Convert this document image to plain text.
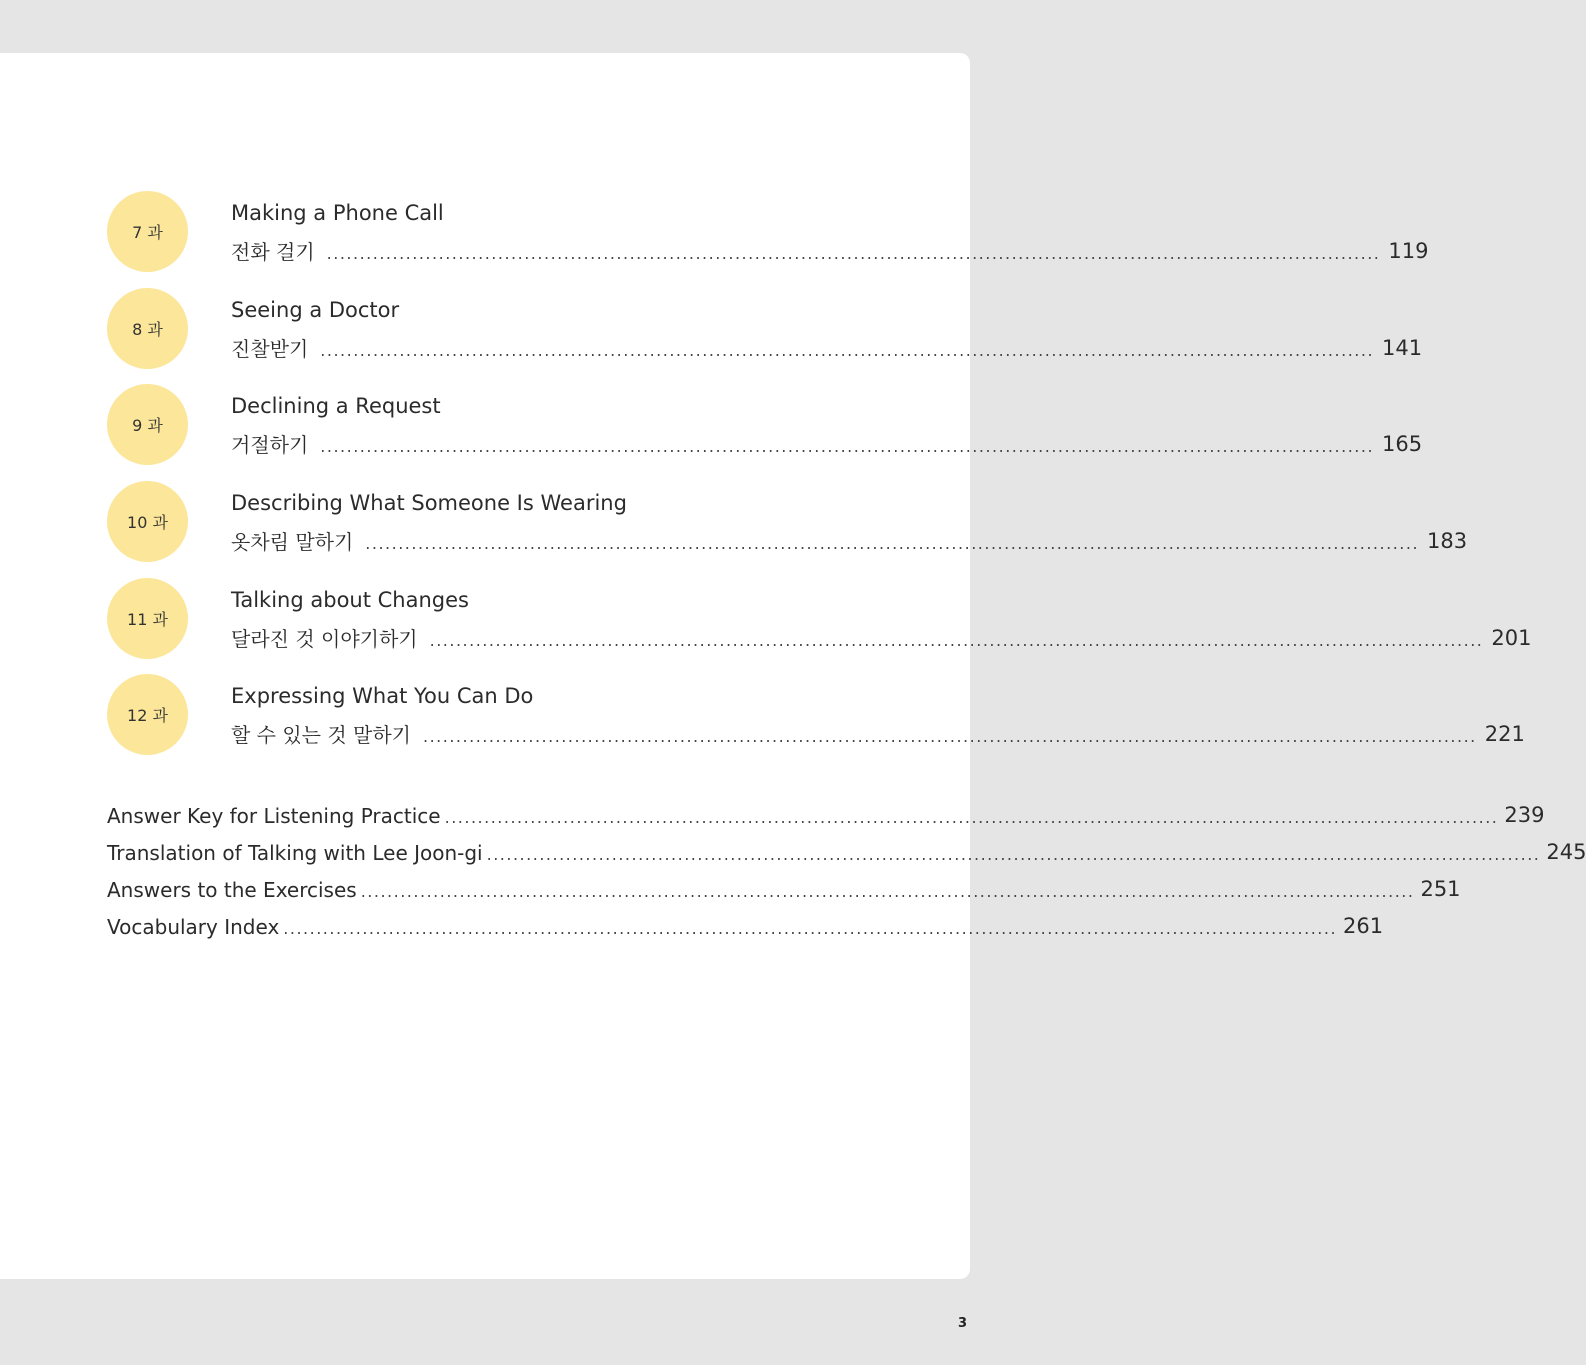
7 과
Making a Phone Call
전화 걸기 ................................................................................................................................................................ 119
8 과
Seeing a Doctor
진찰받기 ................................................................................................................................................................ 141
9 과
Declining a Request
거절하기 ................................................................................................................................................................ 165
10 과
Describing What Someone Is Wearing
옷차림 말하기 ................................................................................................................................................................ 183
11 과
Talking about Changes
달라진 것 이야기하기 ................................................................................................................................................................ 201
12 과
Expressing What You Can Do
할 수 있는 것 말하기 ................................................................................................................................................................ 221
Answer Key for Listening Practice ................................................................................................................................................................ 239
Translation of Talking with Lee Joon-gi ................................................................................................................................................................ 245
Answers to the Exercises ................................................................................................................................................................ 251
Vocabulary Index ................................................................................................................................................................ 261
3
